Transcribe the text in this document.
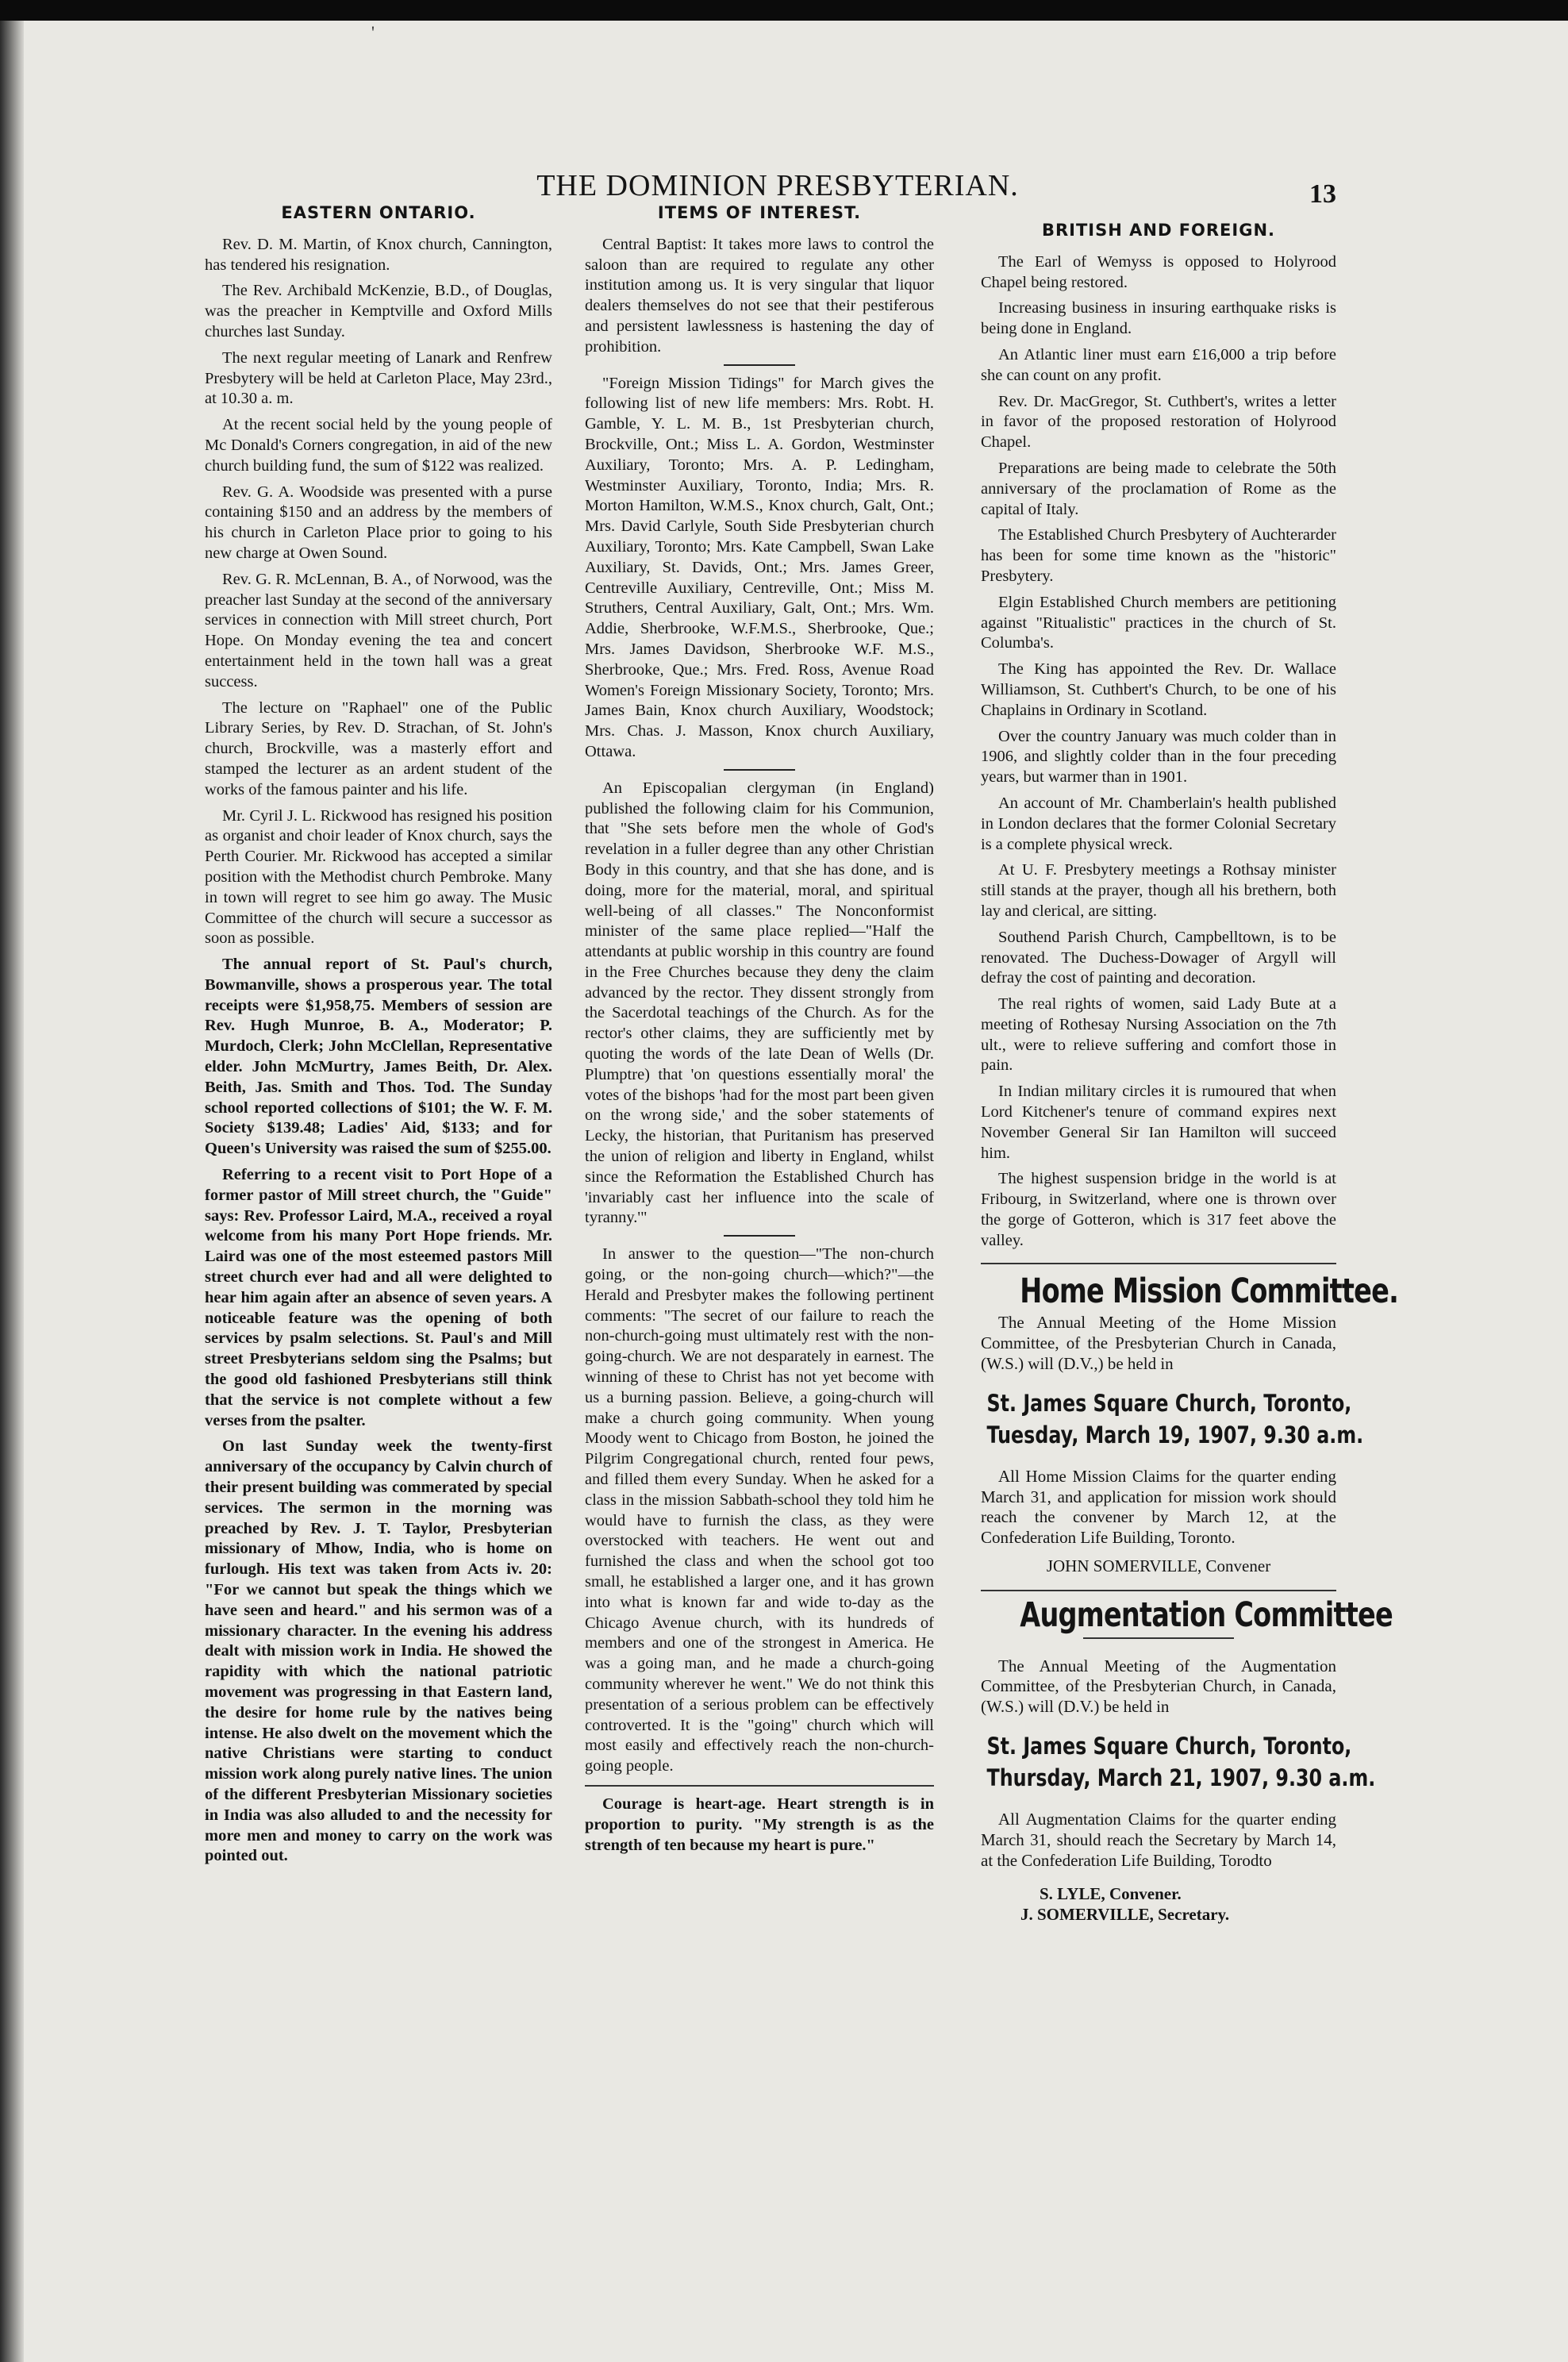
'
THE DOMINION PRESBYTERIAN.	13
EASTERN ONTARIO.

Rev. D. M. Martin, of Knox church, Cannington, has tendered his resignation.

The Rev. Archibald McKenzie, B.D., of Douglas, was the preacher in Kemptville and Oxford Mills churches last Sunday.

The next regular meeting of Lanark and Renfrew Presbytery will be held at Carleton Place, May 23rd., at 10.30 a. m.

At the recent social held by the young people of Mc Donald's Corners congregation, in aid of the new church building fund, the sum of $122 was realized.

Rev. G. A. Woodside was presented with a purse containing $150 and an address by the members of his church in Carleton Place prior to going to his new charge at Owen Sound.

Rev. G. R. McLennan, B. A., of Norwood, was the preacher last Sunday at the second of the anniversary services in connection with Mill street church, Port Hope. On Monday evening the tea and concert entertainment held in the town hall was a great success.

The lecture on "Raphael" one of the Public Library Series, by Rev. D. Strachan, of St. John's church, Brockville, was a masterly effort and stamped the lecturer as an ardent student of the works of the famous painter and his life.

Mr. Cyril J. L. Rickwood has resigned his position as organist and choir leader of Knox church, says the Perth Courier. Mr. Rickwood has accepted a similar position with the Methodist church Pembroke. Many in town will regret to see him go away. The Music Committee of the church will secure a successor as soon as possible.

The annual report of St. Paul's church, Bowmanville, shows a prosperous year. The total receipts were $1,958,75. Members of session are Rev. Hugh Munroe, B. A., Moderator; P. Murdoch, Clerk; John McClellan, Representative elder. John McMurtry, James Beith, Dr. Alex. Beith, Jas. Smith and Thos. Tod. The Sunday school reported collections of $101; the W. F. M. Society $139.48; Ladies' Aid, $133; and for Queen's University was raised the sum of $255.00.

Referring to a recent visit to Port Hope of a former pastor of Mill street church, the "Guide" says: Rev. Professor Laird, M.A., received a royal welcome from his many Port Hope friends. Mr. Laird was one of the most esteemed pastors Mill street church ever had and all were delighted to hear him again after an absence of seven years. A noticeable feature was the opening of both services by psalm selections. St. Paul's and Mill street Presbyterians seldom sing the Psalms; but the good old fashioned Presbyterians still think that the service is not complete without a few verses from the psalter.

On last Sunday week the twenty-first anniversary of the occupancy by Calvin church of their present building was commerated by special services. The sermon in the morning was preached by Rev. J. T. Taylor, Presbyterian missionary of Mhow, India, who is home on furlough. His text was taken from Acts iv. 20: "For we cannot but speak the things which we have seen and heard." and his sermon was of a missionary character. In the evening his address dealt with mission work in India. He showed the rapidity with which the national patriotic movement was progressing in that Eastern land, the desire for home rule by the natives being intense. He also dwelt on the movement which the native Christians were starting to conduct mission work along purely native lines. The union of the different Presbyterian Missionary societies in India was also alluded to and the necessity for more men and money to carry on the work was pointed out.

ITEMS OF INTEREST.

Central Baptist: It takes more laws to control the saloon than are required to regulate any other institution among us. It is very singular that liquor dealers themselves do not see that their pestiferous and persistent lawlessness is hastening the day of prohibition.

"Foreign Mission Tidings" for March gives the following list of new life members: Mrs. Robt. H. Gamble, Y. L. M. B., 1st Presbyterian church, Brockville, Ont.; Miss L. A. Gordon, Westminster Auxiliary, Toronto; Mrs. A. P. Ledingham, Westminster Auxiliary, Toronto, India; Mrs. R. Morton Hamilton, W.M.S., Knox church, Galt, Ont.; Mrs. David Carlyle, South Side Presbyterian church Auxiliary, Toronto; Mrs. Kate Campbell, Swan Lake Auxiliary, St. Davids, Ont.; Mrs. James Greer, Centreville Auxiliary, Centreville, Ont.; Miss M. Struthers, Central Auxiliary, Galt, Ont.; Mrs. Wm. Addie, Sherbrooke, W.F.M.S., Sherbrooke, Que.; Mrs. James Davidson, Sherbrooke W.F. M.S., Sherbrooke, Que.; Mrs. Fred. Ross, Avenue Road Women's Foreign Missionary Society, Toronto; Mrs. James Bain, Knox church Auxiliary, Woodstock; Mrs. Chas. J. Masson, Knox church Auxiliary, Ottawa.

An Episcopalian clergyman (in England) published the following claim for his Communion, that "She sets before men the whole of God's revelation in a fuller degree than any other Christian Body in this country, and that she has done, and is doing, more for the material, moral, and spiritual well-being of all classes." The Nonconformist minister of the same place replied—"Half the attendants at public worship in this country are found in the Free Churches because they deny the claim advanced by the rector. They dissent strongly from the Sacerdotal teachings of the Church. As for the rector's other claims, they are sufficiently met by quoting the words of the late Dean of Wells (Dr. Plumptre) that 'on questions essentially moral' the votes of the bishops 'had for the most part been given on the wrong side,' and the sober statements of Lecky, the historian, that Puritanism has preserved the union of religion and liberty in England, whilst since the Reformation the Established Church has 'invariably cast her influence into the scale of tyranny.'"

In answer to the question—"The non-church going, or the non-going church—which?"—the Herald and Presbyter makes the following pertinent comments: "The secret of our failure to reach the non-church-going must ultimately rest with the non-going-church. We are not desparately in earnest. The winning of these to Christ has not yet become with us a burning passion. Believe, a going-church will make a church going community. When young Moody went to Chicago from Boston, he joined the Pilgrim Congregational church, rented four pews, and filled them every Sunday. When he asked for a class in the mission Sabbath-school they told him he would have to furnish the class, as they were overstocked with teachers. He went out and furnished the class and when the school got too small, he established a larger one, and it has grown into what is known far and wide to-day as the Chicago Avenue church, with its hundreds of members and one of the strongest in America. He was a going man, and he made a church-going community wherever he went." We do not think this presentation of a serious problem can be effectively controverted. It is the "going" church which will most easily and effectively reach the non-church-going people.

Courage is heart-age. Heart strength is in proportion to purity. "My strength is as the strength of ten because my heart is pure."

BRITISH AND FOREIGN.

The Earl of Wemyss is opposed to Holyrood Chapel being restored.

Increasing business in insuring earthquake risks is being done in England.

An Atlantic liner must earn £16,000 a trip before she can count on any profit.

Rev. Dr. MacGregor, St. Cuthbert's, writes a letter in favor of the proposed restoration of Holyrood Chapel.

Preparations are being made to celebrate the 50th anniversary of the proclamation of Rome as the capital of Italy.

The Established Church Presbytery of Auchterarder has been for some time known as the "historic" Presbytery.

Elgin Established Church members are petitioning against "Ritualistic" practices in the church of St. Columba's.

The King has appointed the Rev. Dr. Wallace Williamson, St. Cuthbert's Church, to be one of his Chaplains in Ordinary in Scotland.

Over the country January was much colder than in 1906, and slightly colder than in the four preceding years, but warmer than in 1901.

An account of Mr. Chamberlain's health published in London declares that the former Colonial Secretary is a complete physical wreck.

At U. F. Presbytery meetings a Rothsay minister still stands at the prayer, though all his brethern, both lay and clerical, are sitting.

Southend Parish Church, Campbelltown, is to be renovated. The Duchess-Dowager of Argyll will defray the cost of painting and decoration.

The real rights of women, said Lady Bute at a meeting of Rothesay Nursing Association on the 7th ult., were to relieve suffering and comfort those in pain.

In Indian military circles it is rumoured that when Lord Kitchener's tenure of command expires next November General Sir Ian Hamilton will succeed him.

The highest suspension bridge in the world is at Fribourg, in Switzerland, where one is thrown over the gorge of Gotteron, which is 317 feet above the valley.

Home Mission Committee.

The Annual Meeting of the Home Mission Committee, of the Presbyterian Church in Canada, (W.S.) will (D.V.,) be held in

St. James Square Church, Toronto,
Tuesday, March 19, 1907, 9.30 a.m.

All Home Mission Claims for the quarter ending March 31, and application for mission work should reach the convener by March 12, at the Confederation Life Building, Toronto.

JOHN SOMERVILLE, Convener
Augmentation Committee

The Annual Meeting of the Augmentation Committee, of the Presbyterian Church, in Canada, (W.S.) will (D.V.) be held in

St. James Square Church, Toronto,
Thursday, March 21, 1907, 9.30 a.m.

All Augmentation Claims for the quarter ending March 31, should reach the Secretary by March 14, at the Confederation Life Building, Torodto

S. LYLE, Convener.
J. SOMERVILLE, Secretary.
